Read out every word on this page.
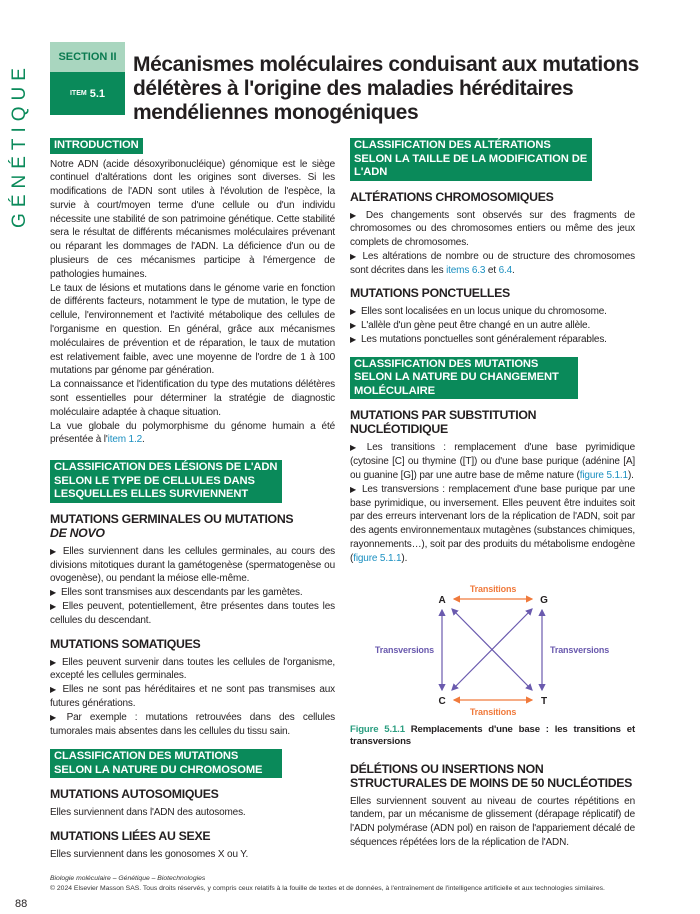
GÉNÉTIQUE
SECTION II
ITEM 5.1
Mécanismes moléculaires conduisant aux mutations délétères à l'origine des maladies héréditaires mendéliennes monogéniques
INTRODUCTION

Notre ADN (acide désoxyribonucléique) génomique est le siège continuel d'altérations dont les origines sont diverses. Si les modifications de l'ADN sont utiles à l'évolution de l'espèce, la survie à court/moyen terme d'une cellule ou d'un individu nécessite une stabilité de son patrimoine génétique. Cette stabilité sera le résultat de différents mécanismes moléculaires prévenant ou réparant les dommages de l'ADN. La déficience d'un ou de plusieurs de ces mécanismes participe à l'émergence de pathologies humaines.

Le taux de lésions et mutations dans le génome varie en fonction de différents facteurs, notamment le type de mutation, le type de cellule, l'environnement et l'activité métabolique des cellules de l'organisme en question. En général, grâce aux mécanismes moléculaires de prévention et de réparation, le taux de mutation est relativement faible, avec une moyenne de l'ordre de 1 à 100 mutations par génome par génération.

La connaissance et l'identification du type des mutations délétères sont essentielles pour déterminer la stratégie de diagnostic moléculaire adaptée à chaque situation.

La vue globale du polymorphisme du génome humain a été présentée à l'item 1.2.

CLASSIFICATION DES LÉSIONS DE L'ADN SELON LE TYPE DE CELLULES DANS LESQUELLES ELLES SURVIENNENT
MUTATIONS GERMINALES OU MUTATIONS
DE NOVO

▶ Elles surviennent dans les cellules germinales, au cours des divisions mitotiques durant la gamétogenèse (spermatogenèse ou ovogenèse), ou pendant la méiose elle-même.

▶ Elles sont transmises aux descendants par les gamètes.

▶ Elles peuvent, potentiellement, être présentes dans toutes les cellules du descendant.

MUTATIONS SOMATIQUES

▶ Elles peuvent survenir dans toutes les cellules de l'organisme, excepté les cellules germinales.

▶ Elles ne sont pas héréditaires et ne sont pas transmises aux futures générations.

▶ Par exemple : mutations retrouvées dans des cellules tumorales mais absentes dans les cellules du tissu sain.

CLASSIFICATION DES MUTATIONS SELON LA NATURE DU CHROMOSOME
MUTATIONS AUTOSOMIQUES

Elles surviennent dans l'ADN des autosomes.

MUTATIONS LIÉES AU SEXE

Elles surviennent dans les gonosomes X ou Y.

CLASSIFICATION DES ALTÉRATIONS SELON LA TAILLE DE LA MODIFICATION DE L'ADN
ALTÉRATIONS CHROMOSOMIQUES

▶ Des changements sont observés sur des fragments de chromosomes ou des chromosomes entiers ou même des jeux complets de chromosomes.

▶ Les altérations de nombre ou de structure des chromosomes sont décrites dans les items 6.3 et 6.4.

MUTATIONS PONCTUELLES

▶ Elles sont localisées en un locus unique du chromosome.

▶ L'allèle d'un gène peut être changé en un autre allèle.

▶ Les mutations ponctuelles sont généralement réparables.

CLASSIFICATION DES MUTATIONS SELON LA NATURE DU CHANGEMENT MOLÉCULAIRE
MUTATIONS PAR SUBSTITUTION NUCLÉOTIDIQUE

▶ Les transitions : remplacement d'une base pyrimidique (cytosine [C] ou thymine ([T]) ou d'une base purique (adénine [A] ou guanine [G]) par une autre base de même nature (figure 5.1.1).

▶ Les transversions : remplacement d'une base purique par une base pyrimidique, ou inversement. Elles peuvent être induites soit par des erreurs intervenant lors de la réplication de l'ADN, soit par des agents environnementaux mutagènes (substances chimiques, rayonnements…), soit par des produits du métabolisme endogène (figure 5.1.1).

A	G
C	T
Transitions
Transitions
Transversions	Transversions

Figure 5.1.1 Remplacements d'une base : les transitions et transversions

DÉLÉTIONS OU INSERTIONS NON STRUCTURALES DE MOINS DE 50 NUCLÉOTIDES

Elles surviennent souvent au niveau de courtes répétitions en tandem, par un mécanisme de glissement (dérapage réplicatif) de l'ADN polymérase (ADN pol) en raison de l'appariement décalé de séquences répétées lors de la réplication de l'ADN.

Biologie moléculaire – Génétique – Biotechnologies
© 2024 Elsevier Masson SAS. Tous droits réservés, y compris ceux relatifs à la fouille de textes et de données, à l'entraînement de l'intelligence artificielle et aux technologies similaires.
88
